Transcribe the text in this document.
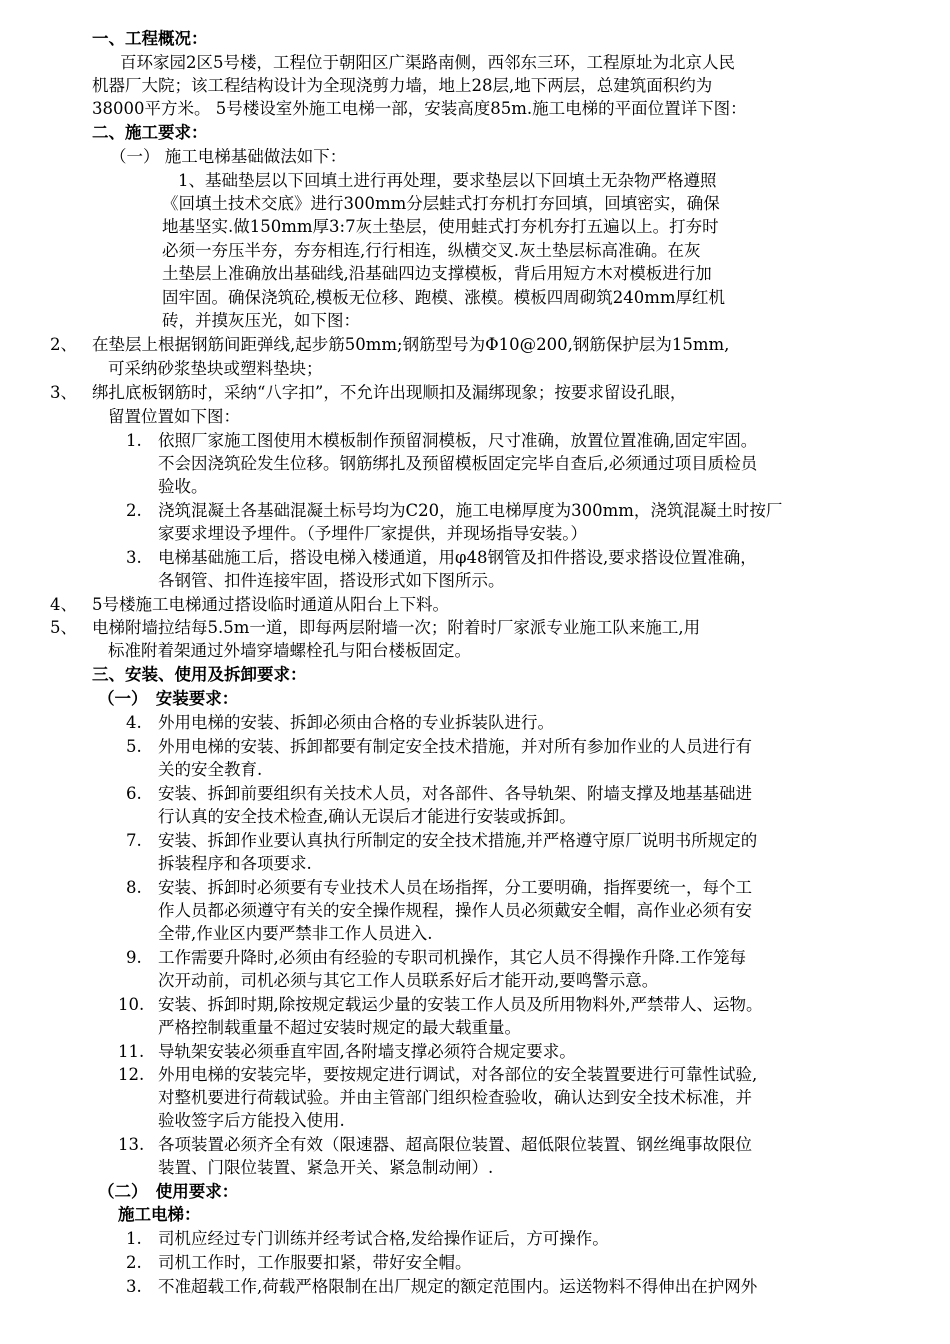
一、工程概况：
百环家园2区5号楼，工程位于朝阳区广渠路南侧，西邻东三环，工程原址为北京人民
机器厂大院；该工程结构设计为全现浇剪力墙，地上28层,地下两层，总建筑面积约为
38000平方米。 5号楼设室外施工电梯一部，安装高度85m.施工电梯的平面位置详下图：
二、施工要求：
（一） 施工电梯基础做法如下：
1、基础垫层以下回填土进行再处理，要求垫层以下回填土无杂物严格遵照
《回填土技术交底》进行300mm分层蛙式打夯机打夯回填，回填密实，确保
地基坚实.做150mm厚3:7灰土垫层，使用蛙式打夯机夯打五遍以上。打夯时
必须一夯压半夯，夯夯相连,行行相连，纵横交叉.灰土垫层标高准确。在灰
土垫层上准确放出基础线,沿基础四边支撑模板，背后用短方木对模板进行加
固牢固。确保浇筑砼,模板无位移、跑模、涨模。模板四周砌筑240mm厚红机
砖，并摸灰压光，如下图：
2、 在垫层上根据钢筋间距弹线,起步筋50mm;钢筋型号为Φ10@200,钢筋保护层为15mm,
可采纳砂浆垫块或塑料垫块；
3、 绑扎底板钢筋时，采纳“八字扣”，不允许出现顺扣及漏绑现象；按要求留设孔眼，
留置位置如下图：
1. 依照厂家施工图使用木模板制作预留洞模板，尺寸准确，放置位置准确,固定牢固。
不会因浇筑砼发生位移。钢筋绑扎及预留模板固定完毕自查后,必须通过项目质检员
验收。
2. 浇筑混凝土各基础混凝土标号均为C20，施工电梯厚度为300mm，浇筑混凝土时按厂
家要求埋设予埋件。（予埋件厂家提供，并现场指导安装。）
3. 电梯基础施工后，搭设电梯入楼通道，用φ48钢管及扣件搭设,要求搭设位置准确，
各钢管、扣件连接牢固，搭设形式如下图所示。
4、 5号楼施工电梯通过搭设临时通道从阳台上下料。
5、 电梯附墙拉结每5.5m一道，即每两层附墙一次；附着时厂家派专业施工队来施工,用
标准附着架通过外墙穿墙螺栓孔与阳台楼板固定。
三、安装、使用及拆卸要求：
（一）　安装要求：
4. 外用电梯的安装、拆卸必须由合格的专业拆装队进行。
5. 外用电梯的安装、拆卸都要有制定安全技术措施，并对所有参加作业的人员进行有
关的安全教育.
6. 安装、拆卸前要组织有关技术人员，对各部件、各导轨架、附墙支撑及地基基础进
行认真的安全技术检查,确认无误后才能进行安装或拆卸。
7. 安装、拆卸作业要认真执行所制定的安全技术措施,并严格遵守原厂说明书所规定的
拆装程序和各项要求.
8. 安装、拆卸时必须要有专业技术人员在场指挥，分工要明确，指挥要统一，每个工
作人员都必须遵守有关的安全操作规程，操作人员必须戴安全帽，高作业必须有安
全带,作业区内要严禁非工作人员进入.
9. 工作需要升降时,必须由有经验的专职司机操作，其它人员不得操作升降.工作笼每
次开动前，司机必须与其它工作人员联系好后才能开动,要鸣警示意。
10. 安装、拆卸时期,除按规定载运少量的安装工作人员及所用物料外,严禁带人、运物。
严格控制载重量不超过安装时规定的最大载重量。
11. 导轨架安装必须垂直牢固,各附墙支撑必须符合规定要求。
12. 外用电梯的安装完毕，要按规定进行调试，对各部位的安全装置要进行可靠性试验,
对整机要进行荷载试验。并由主管部门组织检查验收，确认达到安全技术标准，并
验收签字后方能投入使用.
13. 各项装置必须齐全有效（限速器、超高限位装置、超低限位装置、钢丝绳事故限位
装置、门限位装置、紧急开关、紧急制动闸）.
（二）　使用要求：
施工电梯：
1. 司机应经过专门训练并经考试合格,发给操作证后，方可操作。
2. 司机工作时，工作服要扣紧，带好安全帽。
3. 不准超载工作,荷载严格限制在出厂规定的额定范围内。运送物料不得伸出在护网外
